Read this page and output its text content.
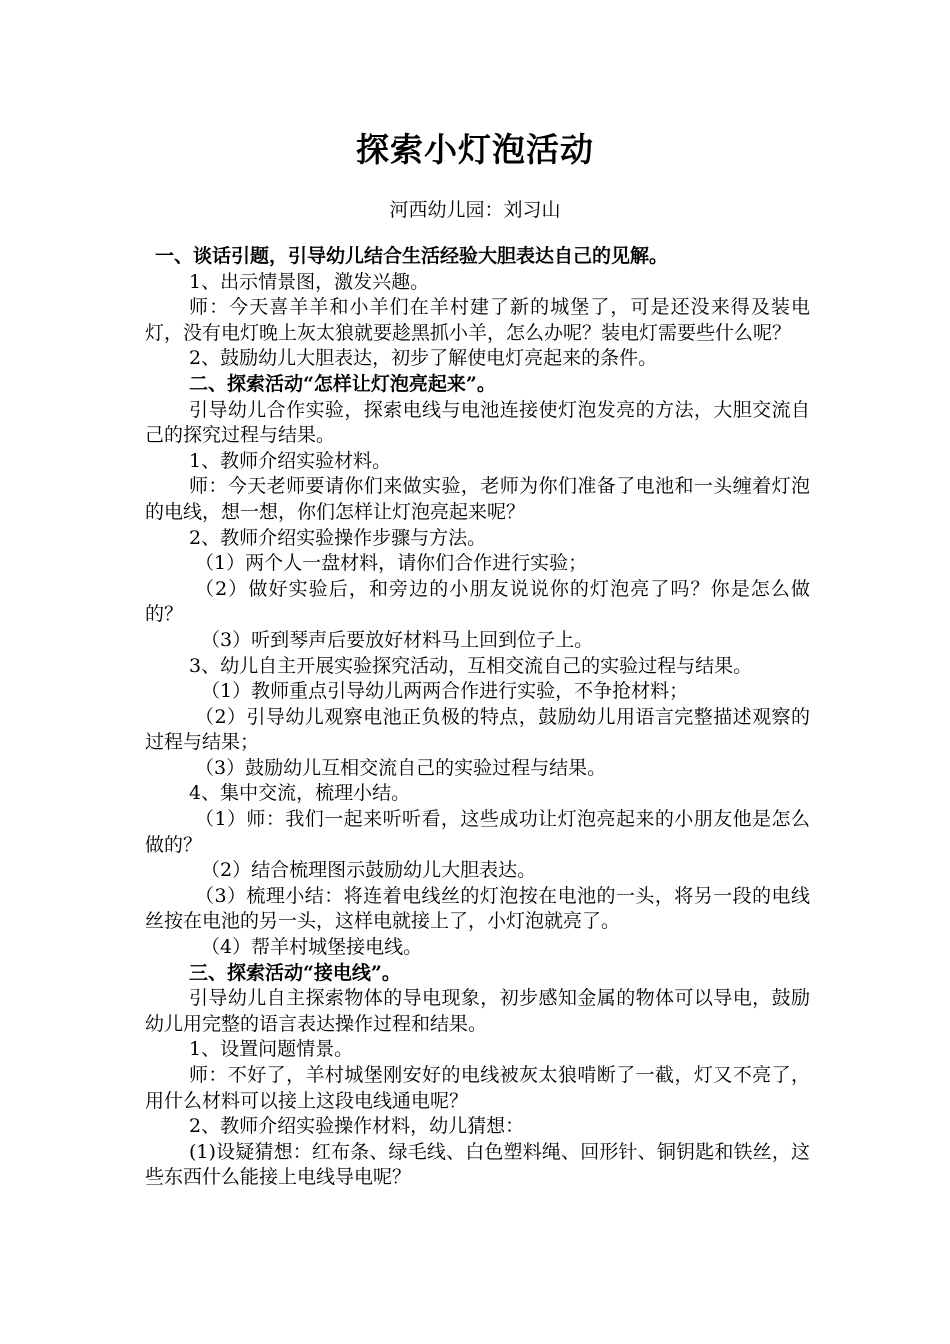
探索小灯泡活动
河西幼儿园：刘习山

一、谈话引题，引导幼儿结合生活经验大胆表达自己的见解。

1、出示情景图，激发兴趣。

师：今天喜羊羊和小羊们在羊村建了新的城堡了，可是还没来得及装电灯，没有电灯晚上灰太狼就要趁黑抓小羊，怎么办呢？装电灯需要些什么呢？

2、鼓励幼儿大胆表达，初步了解使电灯亮起来的条件。

二、探索活动“怎样让灯泡亮起来”。

引导幼儿合作实验，探索电线与电池连接使灯泡发亮的方法，大胆交流自己的探究过程与结果。

1、教师介绍实验材料。

师：今天老师要请你们来做实验，老师为你们准备了电池和一头缠着灯泡的电线，想一想，你们怎样让灯泡亮起来呢？

2、教师介绍实验操作步骤与方法。

（1）两个人一盘材料，请你们合作进行实验；

（2）做好实验后，和旁边的小朋友说说你的灯泡亮了吗？你是怎么做的？

（3）听到琴声后要放好材料马上回到位子上。

3、幼儿自主开展实验探究活动，互相交流自己的实验过程与结果。

（1）教师重点引导幼儿两两合作进行实验，不争抢材料；

（2）引导幼儿观察电池正负极的特点，鼓励幼儿用语言完整描述观察的过程与结果；

（3）鼓励幼儿互相交流自己的实验过程与结果。

4、集中交流，梳理小结。

（1）师：我们一起来听听看，这些成功让灯泡亮起来的小朋友他是怎么做的？

（2）结合梳理图示鼓励幼儿大胆表达。

（3）梳理小结：将连着电线丝的灯泡按在电池的一头，将另一段的电线丝按在电池的另一头，这样电就接上了，小灯泡就亮了。

（4）帮羊村城堡接电线。

三、探索活动“接电线”。

引导幼儿自主探索物体的导电现象，初步感知金属的物体可以导电，鼓励幼儿用完整的语言表达操作过程和结果。

1、设置问题情景。

师：不好了，羊村城堡刚安好的电线被灰太狼啃断了一截，灯又不亮了，用什么材料可以接上这段电线通电呢？

2、教师介绍实验操作材料，幼儿猜想：

(1)设疑猜想：红布条、绿毛线、白色塑料绳、回形针、铜钥匙和铁丝，这些东西什么能接上电线导电呢？
